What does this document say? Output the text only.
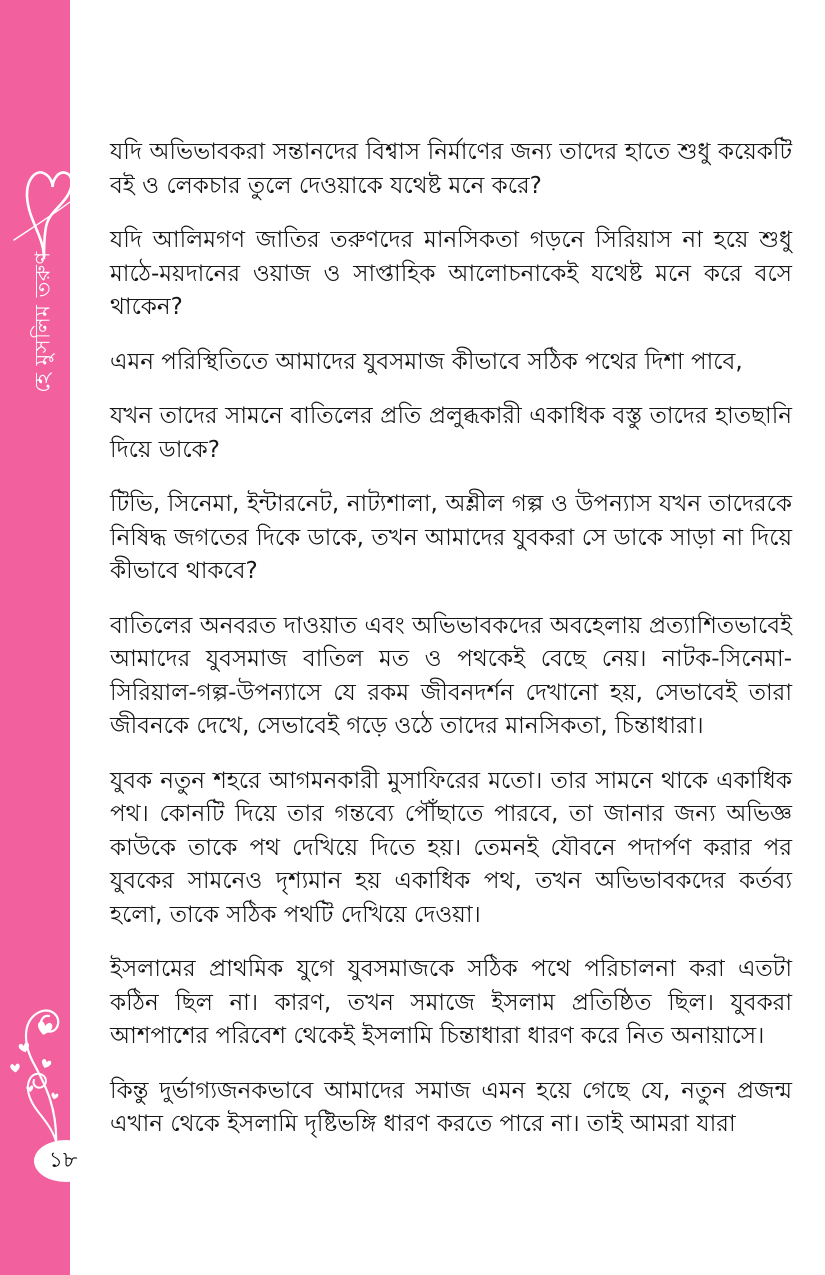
হে মুসলিম তরুণ
১৮

যদি অভিভাবকরা সন্তানদের বিশ্বাস নির্মাণের জন্য তাদের হাতে শুধু কয়েকটি বই ও লেকচার তুলে দেওয়াকে যথেষ্ট মনে করে?

যদি আলিমগণ জাতির তরুণদের মানসিকতা গড়নে সিরিয়াস না হয়ে শুধু মাঠে-ময়দানের ওয়াজ ও সাপ্তাহিক আলোচনাকেই যথেষ্ট মনে করে বসে থাকেন?

এমন পরিস্থিতিতে আমাদের যুবসমাজ কীভাবে সঠিক পথের দিশা পাবে,

যখন তাদের সামনে বাতিলের প্রতি প্রলুব্ধকারী একাধিক বস্তু তাদের হাতছানি দিয়ে ডাকে?

টিভি, সিনেমা, ইন্টারনেট, নাট্যশালা, অশ্লীল গল্প ও উপন্যাস যখন তাদেরকে নিষিদ্ধ জগতের দিকে ডাকে, তখন আমাদের যুবকরা সে ডাকে সাড়া না দিয়ে কীভাবে থাকবে?

বাতিলের অনবরত দাওয়াত এবং অভিভাবকদের অবহেলায় প্রত্যাশিতভাবেই আমাদের যুবসমাজ বাতিল মত ও পথকেই বেছে নেয়। নাটক-সিনেমা-সিরিয়াল-গল্প-উপন্যাসে যে রকম জীবনদর্শন দেখানো হয়, সেভাবেই তারা জীবনকে দেখে, সেভাবেই গড়ে ওঠে তাদের মানসিকতা, চিন্তাধারা।

যুবক নতুন শহরে আগমনকারী মুসাফিরের মতো। তার সামনে থাকে একাধিক পথ। কোনটি দিয়ে তার গন্তব্যে পৌঁছাতে পারবে, তা জানার জন্য অভিজ্ঞ কাউকে তাকে পথ দেখিয়ে দিতে হয়। তেমনই যৌবনে পদার্পণ করার পর যুবকের সামনেও দৃশ্যমান হয় একাধিক পথ, তখন অভিভাবকদের কর্তব্য হলো, তাকে সঠিক পথটি দেখিয়ে দেওয়া।

ইসলামের প্রাথমিক যুগে যুবসমাজকে সঠিক পথে পরিচালনা করা এতটা কঠিন ছিল না। কারণ, তখন সমাজে ইসলাম প্রতিষ্ঠিত ছিল। যুবকরা আশপাশের পরিবেশ থেকেই ইসলামি চিন্তাধারা ধারণ করে নিত অনায়াসে।

কিন্তু দুর্ভাগ্যজনকভাবে আমাদের সমাজ এমন হয়ে গেছে যে, নতুন প্রজন্ম এখান থেকে ইসলামি দৃষ্টিভঙ্গি ধারণ করতে পারে না। তাই আমরা যারা
